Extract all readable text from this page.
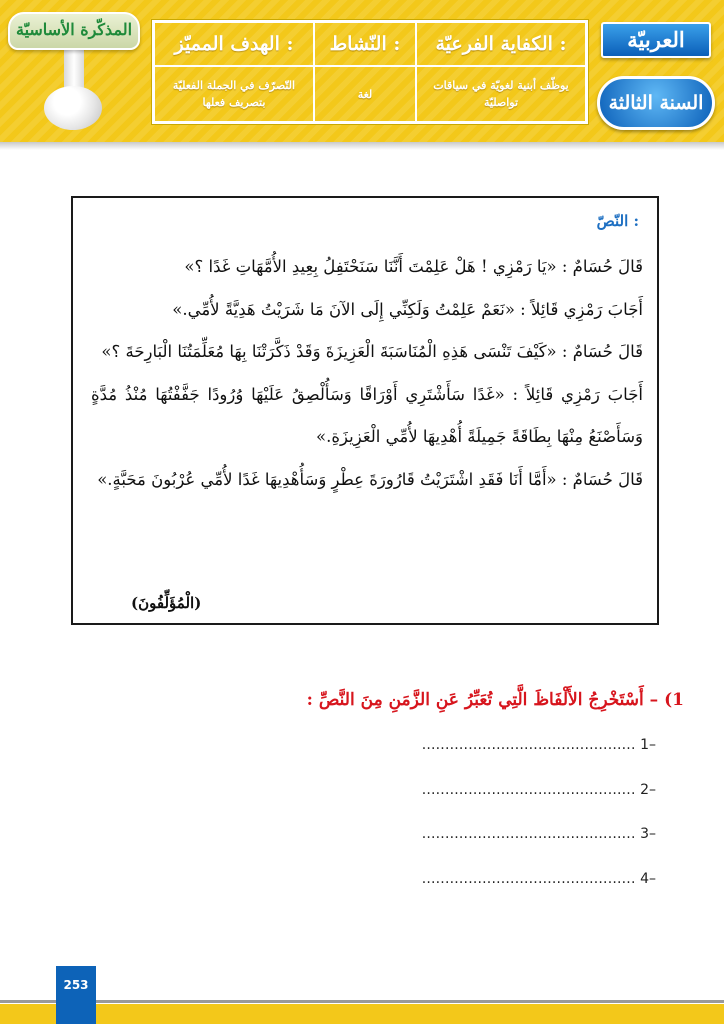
المذكّرة الأساسيّة
الكفاية الفرعيّة :
النّشاط :
الهدف المميّز :
يوظّف أبنية لغويّة في سياقات تواصليّة
لغة
التّصرّف في الجملة الفعليّة بتصريف فعلها
العربيّة
السنة الثالثة
النّصّ :

قَالَ حُسَامٌ : «يَا رَمْزِي ! هَلْ عَلِمْتَ أَنَّنَا سَنَحْتَفِلُ بِعِيدِ الأُمَّهَاتِ غَدًا ؟»

أَجَابَ رَمْزِي قَائِلاً : «نَعَمْ عَلِمْتُ وَلَكِنِّي إِلَى الآنَ مَا شَرَيْتُ هَدِيَّةً لأُمِّي.»

قَالَ حُسَامٌ : «كَيْفَ تَنْسَى هَذِهِ الْمُنَاسَبَةَ الْعَزِيزَةَ وَقَدْ ذَكَّرَتْنَا بِهَا مُعَلِّمَتُنَا الْبَارِحَةَ ؟»

أَجَابَ رَمْزِي قَائِلاً : «غَدًا سَأَشْتَرِي أَوْرَاقًا وَسَأُلْصِقُ عَلَيْهَا وُرُودًا جَفَّفْتُهَا مُنْذُ مُدَّةٍ وَسَأَصْنَعُ مِنْهَا بِطَاقَةً جَمِيلَةً أُهْدِيهَا لأُمِّي الْعَزِيزَةِ.»

قَالَ حُسَامٌ : «أَمَّا أَنَا فَقَدِ اشْتَرَيْتُ قَارُورَةَ عِطْرٍ وَسَأُهْدِيهَا غَدًا لأُمِّي عُرْبُونَ مَحَبَّةٍ.»

(الْمُؤَلِّفُونَ)
1) – أَسْتَخْرِجُ الأَلْفَاظَ الَّتِي تُعَبِّرُ عَنِ الزَّمَنِ مِنَ النَّصِّ :
–1 ..............................................
–2 ..............................................
–3 ..............................................
–4 ..............................................
253
